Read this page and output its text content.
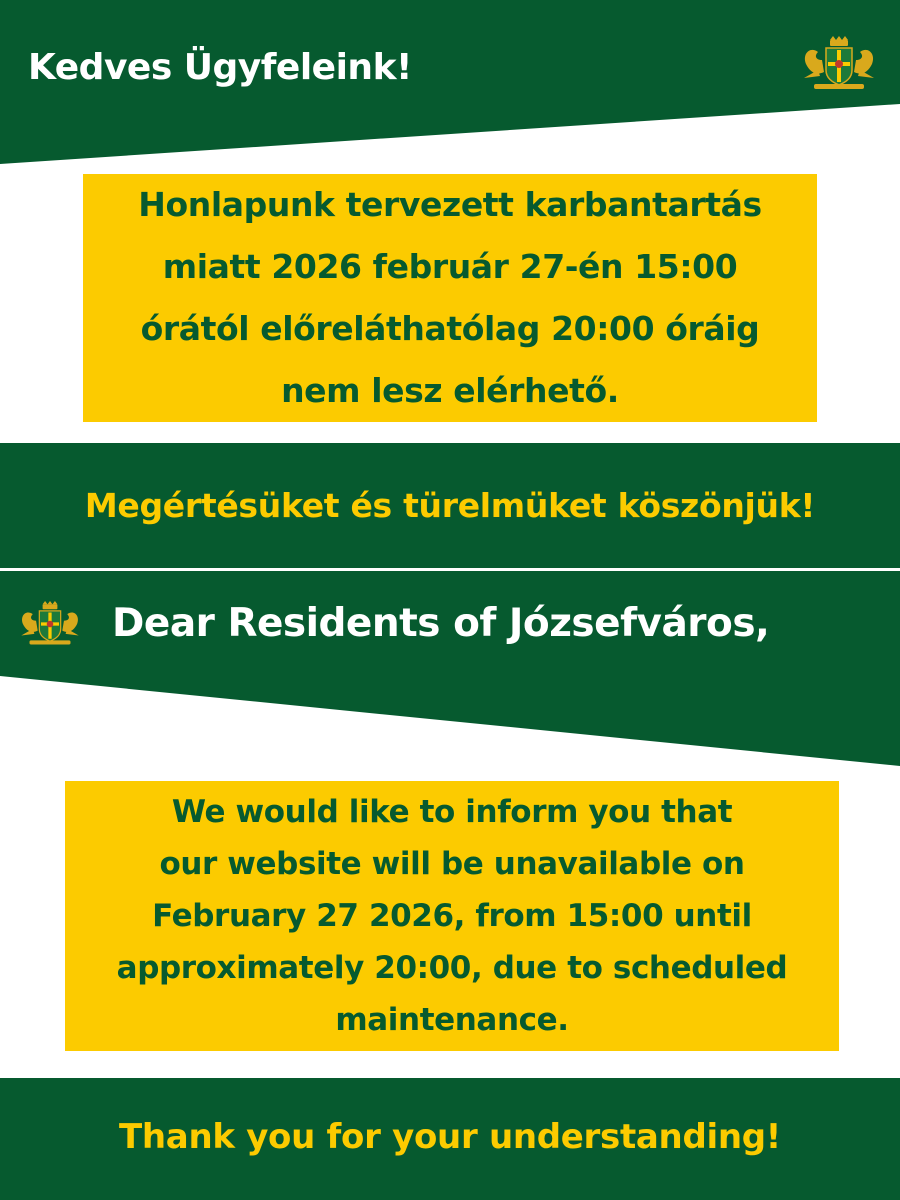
Kedves Ügyfeleink!

Honlapunk tervezett karbantartás
miatt 2026 február 27-én 15:00
órától előreláthatólag 20:00 óráig
nem lesz elérhető.

Megértésüket és türelmüket köszönjük!
Dear Residents of Józsefváros,

We would like to inform you that
our website will be unavailable on
February 27 2026, from 15:00 until
approximately 20:00, due to scheduled
maintenance.

Thank you for your understanding!
